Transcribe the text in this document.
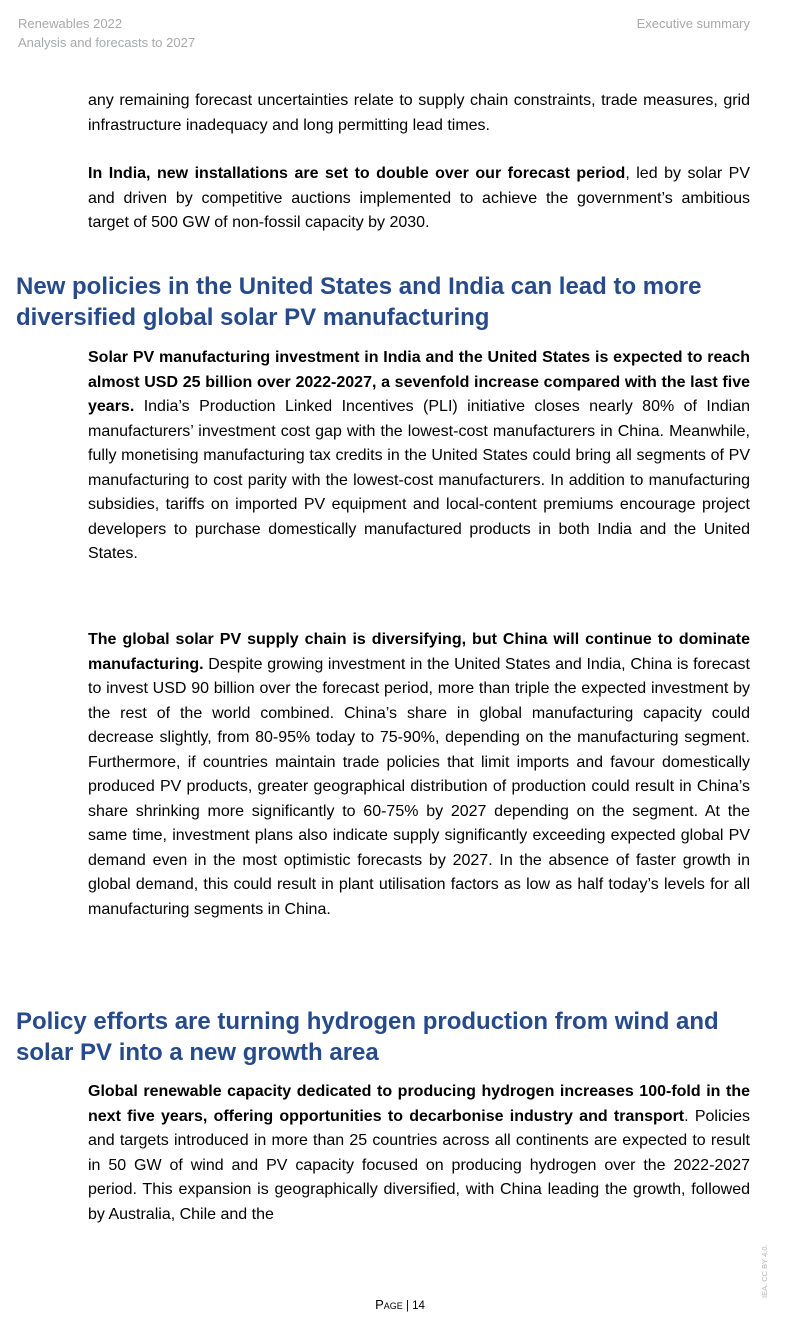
Renewables 2022
Analysis and forecasts to 2027
Executive summary

any remaining forecast uncertainties relate to supply chain constraints, trade measures, grid infrastructure inadequacy and long permitting lead times.

In India, new installations are set to double over our forecast period, led by solar PV and driven by competitive auctions implemented to achieve the government’s ambitious target of 500 GW of non-fossil capacity by 2030.

New policies in the United States and India can lead to more diversified global solar PV manufacturing

Solar PV manufacturing investment in India and the United States is expected to reach almost USD 25 billion over 2022-2027, a sevenfold increase compared with the last five years. India’s Production Linked Incentives (PLI) initiative closes nearly 80% of Indian manufacturers’ investment cost gap with the lowest-cost manufacturers in China. Meanwhile, fully monetising manufacturing tax credits in the United States could bring all segments of PV manufacturing to cost parity with the lowest-cost manufacturers. In addition to manufacturing subsidies, tariffs on imported PV equipment and local-content premiums encourage project developers to purchase domestically manufactured products in both India and the United States.

The global solar PV supply chain is diversifying, but China will continue to dominate manufacturing. Despite growing investment in the United States and India, China is forecast to invest USD 90 billion over the forecast period, more than triple the expected investment by the rest of the world combined. China’s share in global manufacturing capacity could decrease slightly, from 80-95% today to 75-90%, depending on the manufacturing segment. Furthermore, if countries maintain trade policies that limit imports and favour domestically produced PV products, greater geographical distribution of production could result in China’s share shrinking more significantly to 60-75% by 2027 depending on the segment. At the same time, investment plans also indicate supply significantly exceeding expected global PV demand even in the most optimistic forecasts by 2027. In the absence of faster growth in global demand, this could result in plant utilisation factors as low as half today’s levels for all manufacturing segments in China.

Policy efforts are turning hydrogen production from wind and solar PV into a new growth area

Global renewable capacity dedicated to producing hydrogen increases 100-fold in the next five years, offering opportunities to decarbonise industry and transport. Policies and targets introduced in more than 25 countries across all continents are expected to result in 50 GW of wind and PV capacity focused on producing hydrogen over the 2022-2027 period. This expansion is geographically diversified, with China leading the growth, followed by Australia, Chile and the

Page | 14
IEA. CC BY 4.0.
